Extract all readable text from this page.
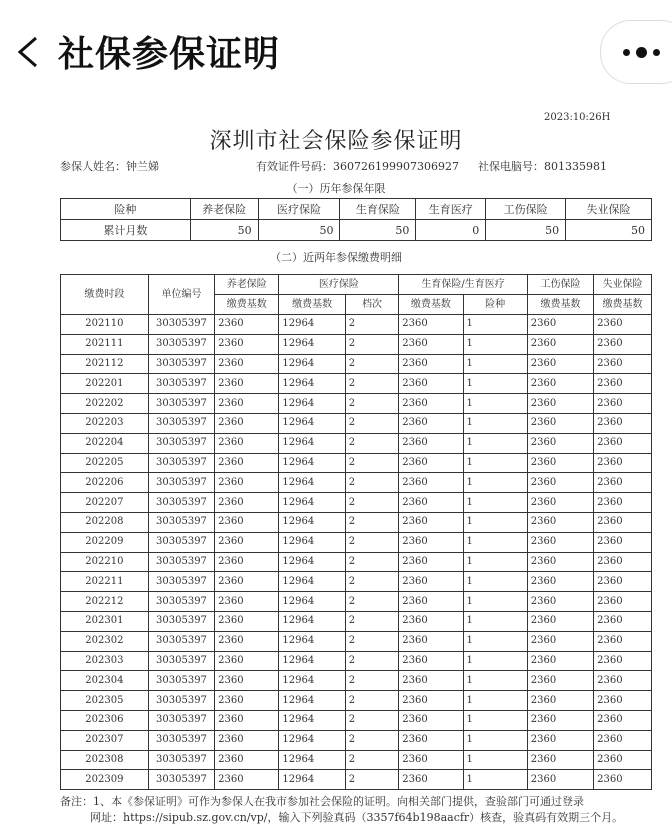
社保参保证明
2023:10:26H
深圳市社会保险参保证明
参保人姓名：钟兰娣	有效证件号码：360726199907306927 社保电脑号：801335981
（一）历年参保年限
险种	养老保险	医疗保险	生育保险	生育医疗	工伤保险	失业保险
累计月数	50	50	50	0	50	50
（二）近两年参保缴费明细
缴费时段	单位编号	养老保险	医疗保险		生育保险/生育医疗		工伤保险	失业保险
		缴费基数	缴费基数	档次	缴费基数	险种	缴费基数	缴费基数
202110	30305397	2360	12964	2	2360	1	2360	2360
202111	30305397	2360	12964	2	2360	1	2360	2360
202112	30305397	2360	12964	2	2360	1	2360	2360
202201	30305397	2360	12964	2	2360	1	2360	2360
202202	30305397	2360	12964	2	2360	1	2360	2360
202203	30305397	2360	12964	2	2360	1	2360	2360
202204	30305397	2360	12964	2	2360	1	2360	2360
202205	30305397	2360	12964	2	2360	1	2360	2360
202206	30305397	2360	12964	2	2360	1	2360	2360
202207	30305397	2360	12964	2	2360	1	2360	2360
202208	30305397	2360	12964	2	2360	1	2360	2360
202209	30305397	2360	12964	2	2360	1	2360	2360
202210	30305397	2360	12964	2	2360	1	2360	2360
202211	30305397	2360	12964	2	2360	1	2360	2360
202212	30305397	2360	12964	2	2360	1	2360	2360
202301	30305397	2360	12964	2	2360	1	2360	2360
202302	30305397	2360	12964	2	2360	1	2360	2360
202303	30305397	2360	12964	2	2360	1	2360	2360
202304	30305397	2360	12964	2	2360	1	2360	2360
202305	30305397	2360	12964	2	2360	1	2360	2360
202306	30305397	2360	12964	2	2360	1	2360	2360
202307	30305397	2360	12964	2	2360	1	2360	2360
202308	30305397	2360	12964	2	2360	1	2360	2360
202309	30305397	2360	12964	2	2360	1	2360	2360
备注：1、本《参保证明》可作为参保人在我市参加社会保险的证明。向相关部门提供，查验部门可通过登录
网址：https://sipub.sz.gov.cn/vp/，输入下列验真码（3357f64b198aacfr）核查，验真码有效期三个月。
